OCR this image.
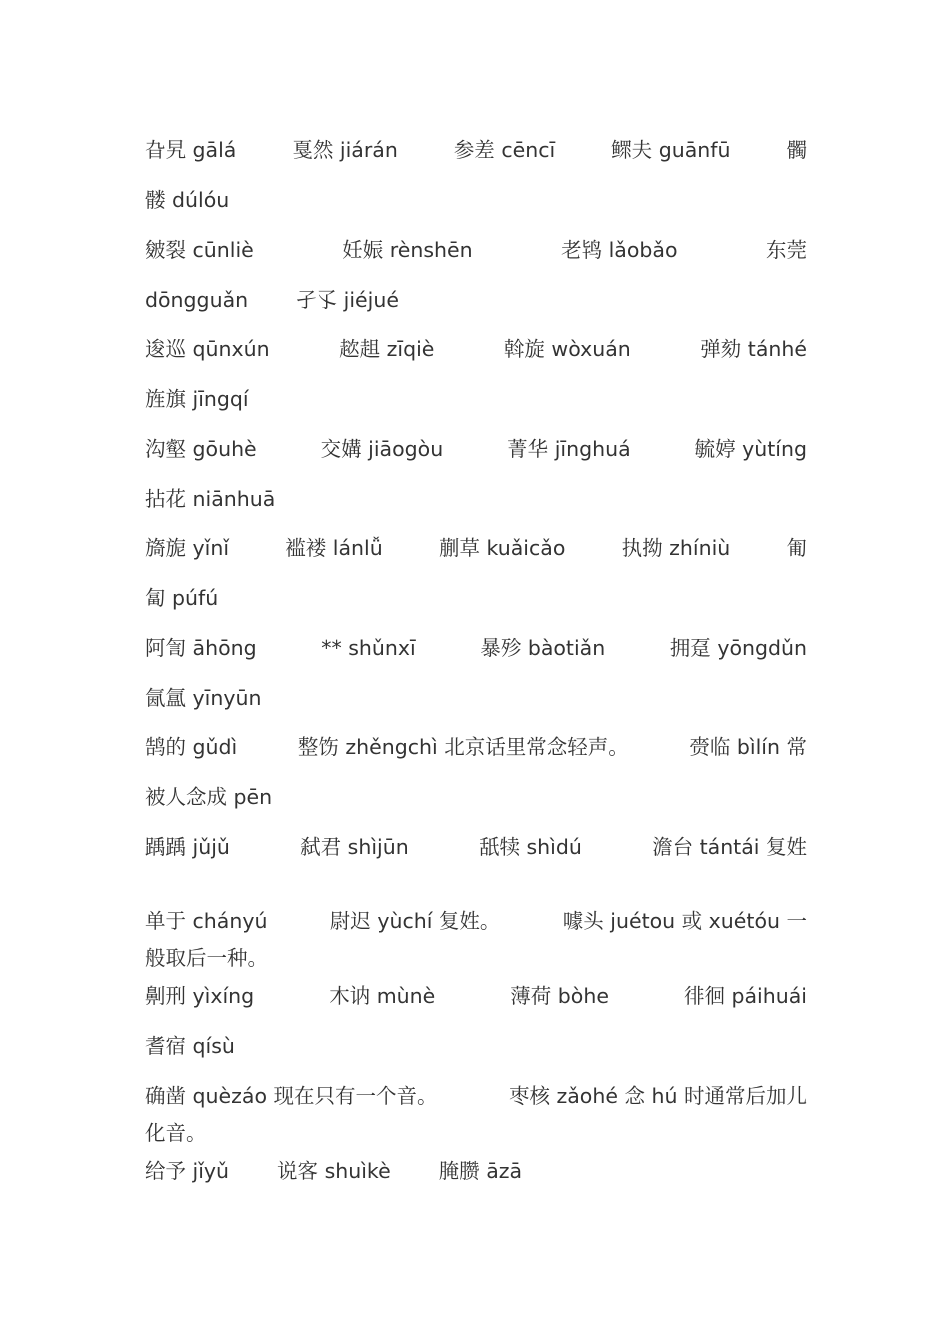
旮旯 gālá	戛然 jiárán	参差 cēncī	鳏夫 guānfū	髑
髅 dúlóu
皴裂 cūnliè	妊娠 rènshēn	老鸨 lǎobǎo	东莞
dōngguǎn 孑孓 jiéjué
逡巡 qūnxún	趑趄 zīqiè	斡旋 wòxuán	弹劾 tánhé
旌旗 jīngqí
沟壑 gōuhè	交媾 jiāogòu	菁华 jīnghuá	毓婷 yùtíng
拈花 niānhuā
旖旎 yǐnǐ	褴褛 lánlǚ	蒯草 kuǎicǎo	执拗 zhíniù	匍
匐 púfú
阿訇 āhōng	** shǔnxī	暴殄 bàotiǎn	拥趸 yōngdǔn
氤氲 yīnyūn
鹄的 gǔdì	整饬 zhěngchì 北京话里常念轻声。	赍临 bìlín 常
被人念成 pēn
踽踽 jǔjǔ	弑君 shìjūn	舐犊 shìdú	澹台 tántái 复姓
单于 chányú	尉迟 yùchí 复姓。	噱头 juétou 或 xuétóu 一
般取后一种。
劓刑 yìxíng	木讷 mùnè	薄荷 bòhe	徘徊 páihuái
耆宿 qísù
确凿 quèzáo 现在只有一个音。	枣核 zǎohé 念 hú 时通常后加儿
化音。
给予 jǐyǔ 说客 shuìkè 腌臜 āzā
